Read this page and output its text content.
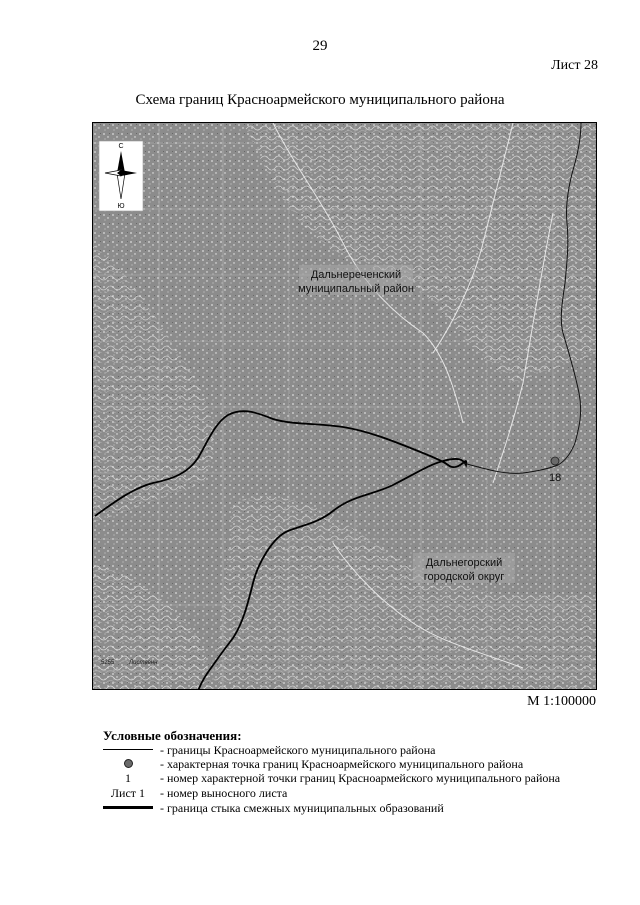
29
Лист 28
Схема границ Красноармейского муниципального района
С
Ю
Дальнереченский
муниципальный район
Дальнегорский
городской округ
18
5255 Лиственн
М 1:100000
Условные обозначения:
- границы Красноармейского муниципального района
- характерная точка границ Красноармейского муниципального района
1	- номер характерной точки границ Красноармейского муниципального района
Лист 1	- номер выносного листа
- граница стыка смежных муниципальных образований
